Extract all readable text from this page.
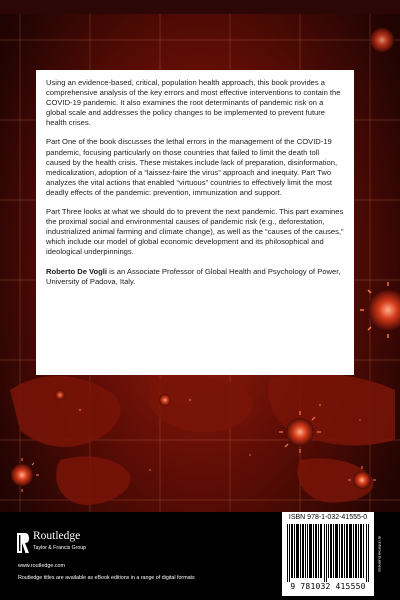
Using an evidence-based, critical, population health approach, this book provides a comprehensive analysis of the key errors and most effective interventions to contain the COVID-19 pandemic. It also examines the root determinants of pandemic risk on a global scale and addresses the policy changes to be implemented to prevent future health crises.

Part One of the book discusses the lethal errors in the management of the COVID-19 pandemic, focusing particularly on those countries that failed to limit the death toll caused by the health crisis. These mistakes include lack of preparation, disinformation, medicalization, adoption of a “laissez-faire the virus” approach and inequity. Part Two analyzes the vital actions that enabled “virtuous” countries to effectively limit the most deadly effects of the pandemic: prevention, immunization and support.

Part Three looks at what we should do to prevent the next pandemic. This part examines the proximal social and environmental causes of pandemic risk (e.g., deforestation, industrialized animal farming and climate change), as well as the “causes of the causes,” which include our model of global economic development and its philosophical and ideological underpinnings.

Roberto De Vogli is an Associate Professor of Global Health and Psychology of Power, University of Padova, Italy.

Routledge
Taylor & Francis Group
www.routledge.com
Routledge titles are available as eBook editions in a range of digital formats
ISBN 978-1-032-41555-0
9 781032 415550
an informa business
